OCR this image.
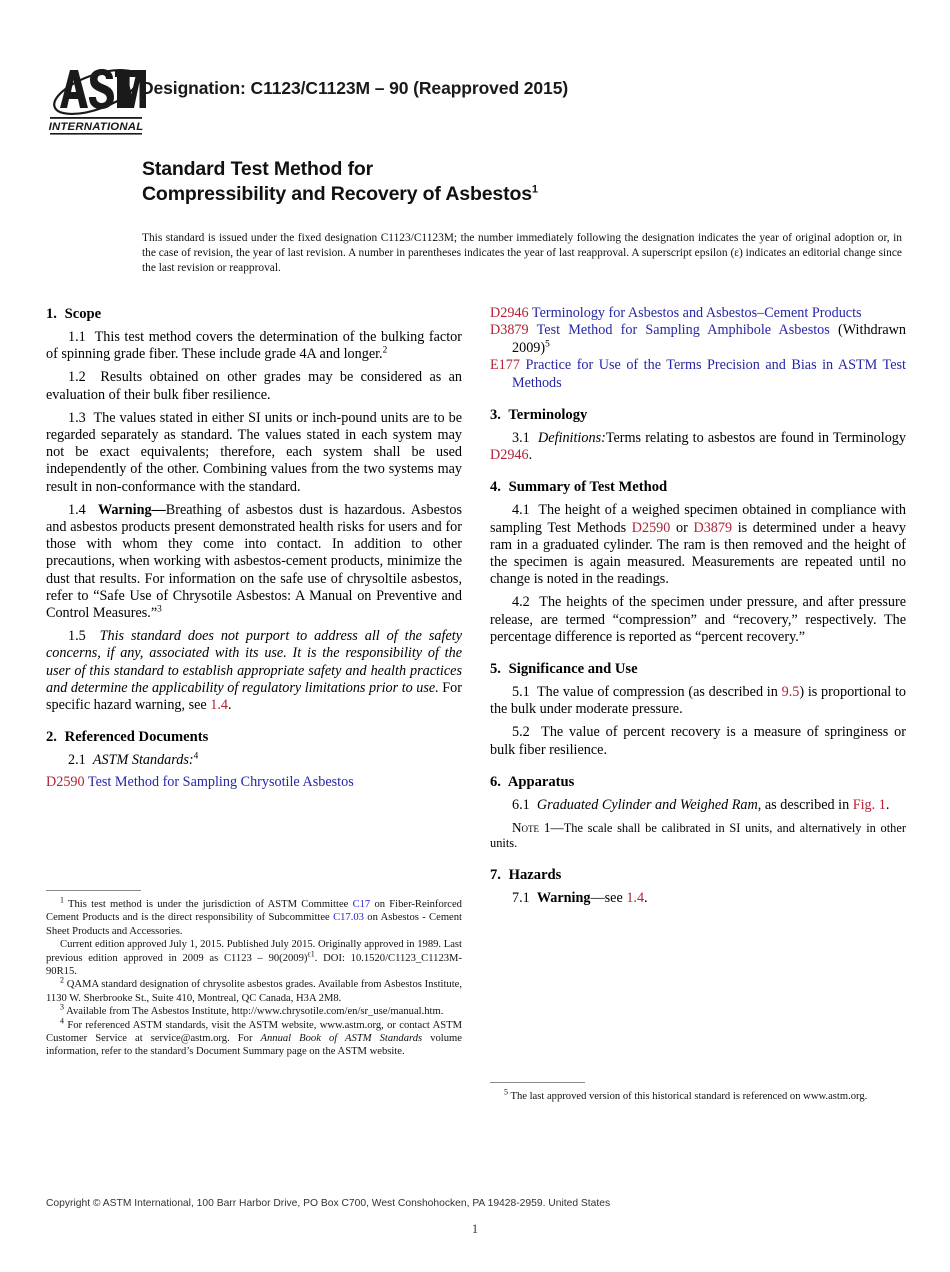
INTERNATIONAL
Designation: C1123/C1123M – 90 (Reapproved 2015)
Standard Test Method for
Compressibility and Recovery of Asbestos$^1$
This standard is issued under the fixed designation C1123/C1123M; the number immediately following the designation indicates the year of original adoption or, in the case of revision, the year of last revision. A number in parentheses indicates the year of last reapproval. A superscript epsilon (ε) indicates an editorial change since the last revision or reapproval.
1. Scope

1.1 This test method covers the determination of the bulking factor of spinning grade fiber. These include grade 4A and longer.$^2$

1.2 Results obtained on other grades may be considered as an evaluation of their bulk fiber resilience.

1.3 The values stated in either SI units or inch-pound units are to be regarded separately as standard. The values stated in each system may not be exact equivalents; therefore, each system shall be used independently of the other. Combining values from the two systems may result in non-conformance with the standard.

1.4 Warning—Breathing of asbestos dust is hazardous. Asbestos and asbestos products present demonstrated health risks for users and for those with whom they come into contact. In addition to other precautions, when working with asbestos-cement products, minimize the dust that results. For information on the safe use of chrysoltile asbestos, refer to “Safe Use of Chrysotile Asbestos: A Manual on Preventive and Control Measures.”$^3$

1.5 This standard does not purport to address all of the safety concerns, if any, associated with its use. It is the responsibility of the user of this standard to establish appropriate safety and health practices and determine the applicability of regulatory limitations prior to use. For specific hazard warning, see 1.4.

2. Referenced Documents

2.1 ASTM Standards:$^4$

D2590 Test Method for Sampling Chrysotile Asbestos

D2946 Terminology for Asbestos and Asbestos–Cement Products

D3879 Test Method for Sampling Amphibole Asbestos (Withdrawn 2009)$^5$

E177 Practice for Use of the Terms Precision and Bias in ASTM Test Methods

3. Terminology

3.1 Definitions:Terms relating to asbestos are found in Terminology D2946.

4. Summary of Test Method

4.1 The height of a weighed specimen obtained in compliance with sampling Test Methods D2590 or D3879 is determined under a heavy ram in a graduated cylinder. The ram is then removed and the height of the specimen is again measured. Measurements are repeated until no change is noted in the readings.

4.2 The heights of the specimen under pressure, and after pressure release, are termed “compression” and “recovery,” respectively. The percentage difference is reported as “percent recovery.”

5. Significance and Use

5.1 The value of compression (as described in 9.5) is proportional to the bulk under moderate pressure.

5.2 The value of percent recovery is a measure of springiness or bulk fiber resilience.

6. Apparatus

6.1 Graduated Cylinder and Weighed Ram, as described in Fig. 1.

Note 1—The scale shall be calibrated in SI units, and alternatively in other units.

7. Hazards

7.1 Warning—see 1.4.

$^1$ This test method is under the jurisdiction of ASTM Committee C17 on Fiber-Reinforced Cement Products and is the direct responsibility of Subcommittee C17.03 on Asbestos - Cement Sheet Products and Accessories.

Current edition approved July 1, 2015. Published July 2015. Originally approved in 1989. Last previous edition approved in 2009 as $C1123 - 90(2009)^{\varepsilon 1}$. DOI: 10.1520/C1123_C1123M-90R15.

$^2$ QAMA standard designation of chrysolite asbestos grades. Available from Asbestos Institute, 1130 W. Sherbrooke St., Suite 410, Montreal, QC Canada, H3A 2M8.

$^3$ Available from The Asbestos Institute, http://www.chrysotile.com/en/sr_use/manual.htm.

$^4$ For referenced ASTM standards, visit the ASTM website, www.astm.org, or contact ASTM Customer Service at service@astm.org. For Annual Book of ASTM Standards volume information, refer to the standard’s Document Summary page on the ASTM website.

$^5$ The last approved version of this historical standard is referenced on www.astm.org.

Copyright © ASTM International, 100 Barr Harbor Drive, PO Box C700, West Conshohocken, PA 19428-2959. United States
1
